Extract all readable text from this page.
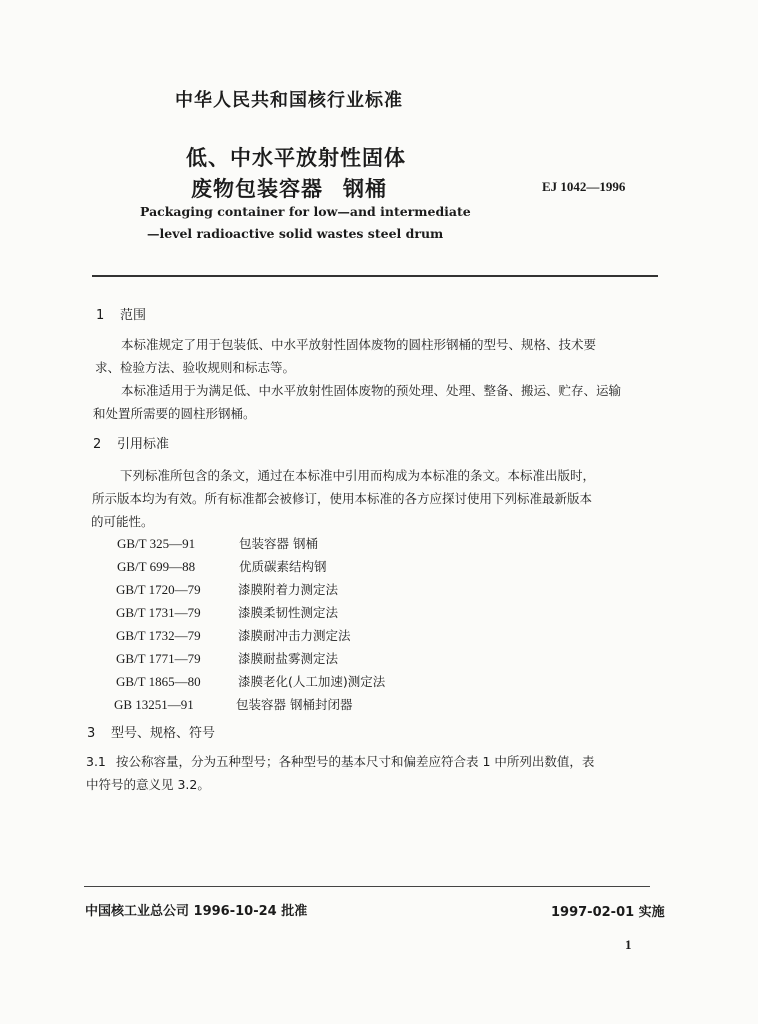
中华人民共和国核行业标准
低、中水平放射性固体
废物包装容器 钢桶	EJ 1042—1996
Packaging container for low—and intermediate
—level radioactive solid wastes steel drum
1 范围
本标准规定了用于包装低、中水平放射性固体废物的圆柱形钢桶的型号、规格、技术要
求、检验方法、验收规则和标志等。
本标准适用于为满足低、中水平放射性固体废物的预处理、处理、整备、搬运、贮存、运输
和处置所需要的圆柱形钢桶。
2 引用标准
下列标准所包含的条文，通过在本标准中引用而构成为本标准的条文。本标准出版时，
所示版本均为有效。所有标准都会被修订，使用本标准的各方应探讨使用下列标准最新版本
的可能性。
GB/T 325—91	包装容器 钢桶
GB/T 699—88	优质碳素结构钢
GB/T 1720—79	漆膜附着力测定法
GB/T 1731—79	漆膜柔韧性测定法
GB/T 1732—79	漆膜耐冲击力测定法
GB/T 1771—79	漆膜耐盐雾测定法
GB/T 1865—80	漆膜老化(人工加速)测定法
GB 13251—91	包装容器 钢桶封闭器
3 型号、规格、符号
3.1 按公称容量，分为五种型号；各种型号的基本尺寸和偏差应符合表 1 中所列出数值，表
中符号的意义见 3.2。
中国核工业总公司 1996-10-24 批准	1997-02-01 实施
1
